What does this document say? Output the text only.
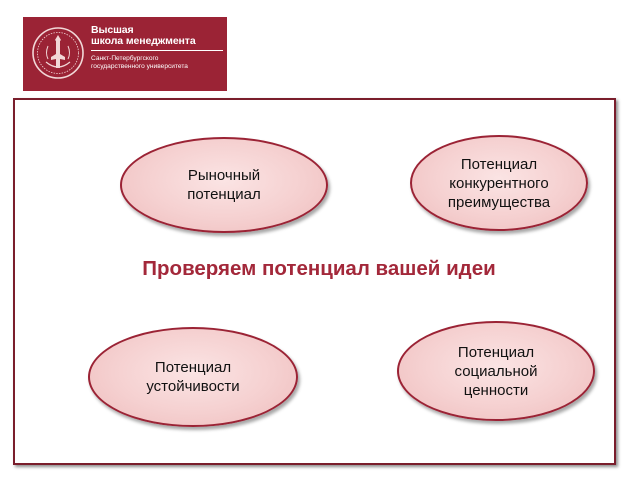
Высшая
школа менеджмента
Санкт-Петербургского
государственного университета
Рыночный
потенциал
Потенциал
конкурентного
преимущества
Проверяем потенциал вашей идеи
Потенциал
устойчивости
Потенциал
социальной
ценности
